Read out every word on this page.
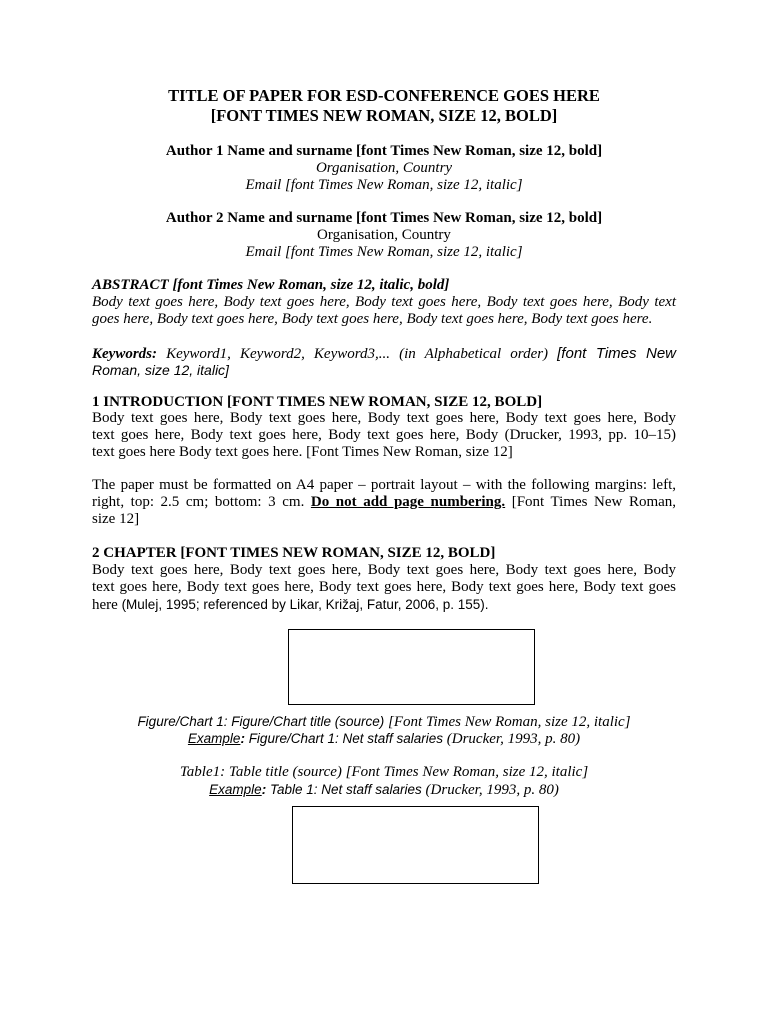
TITLE OF PAPER FOR ESD-CONFERENCE GOES HERE
[FONT TIMES NEW ROMAN, SIZE 12, BOLD]
Author 1 Name and surname [font Times New Roman, size 12, bold]
Organisation, Country
Email [font Times New Roman, size 12, italic]
Author 2 Name and surname [font Times New Roman, size 12, bold]
Organisation, Country
Email [font Times New Roman, size 12, italic]
ABSTRACT [font Times New Roman, size 12, italic, bold]
Body text goes here, Body text goes here, Body text goes here, Body text goes here, Body text
goes here, Body text goes here, Body text goes here, Body text goes here, Body text goes here.
Keywords: Keyword1, Keyword2, Keyword3,... (in Alphabetical order) [font Times New
Roman, size 12, italic]
1 INTRODUCTION [FONT TIMES NEW ROMAN, SIZE 12, BOLD]
Body text goes here, Body text goes here, Body text goes here, Body text goes here, Body
text goes here, Body text goes here, Body text goes here, Body (Drucker, 1993, pp. 10–15)
text goes here Body text goes here. [Font Times New Roman, size 12]
The paper must be formatted on A4 paper – portrait layout – with the following margins: left,
right, top: 2.5 cm; bottom: 3 cm. Do not add page numbering. [Font Times New Roman,
size 12]
2 CHAPTER [FONT TIMES NEW ROMAN, SIZE 12, BOLD]
Body text goes here, Body text goes here, Body text goes here, Body text goes here, Body
text goes here, Body text goes here, Body text goes here, Body text goes here, Body text goes
here (Mulej, 1995; referenced by Likar, Križaj, Fatur, 2006, p. 155).
Figure/Chart 1: Figure/Chart title (source) [Font Times New Roman, size 12, italic]
Example: Figure/Chart 1: Net staff salaries (Drucker, 1993, p. 80)
Table1: Table title (source) [Font Times New Roman, size 12, italic]
Example: Table 1: Net staff salaries (Drucker, 1993, p. 80)
